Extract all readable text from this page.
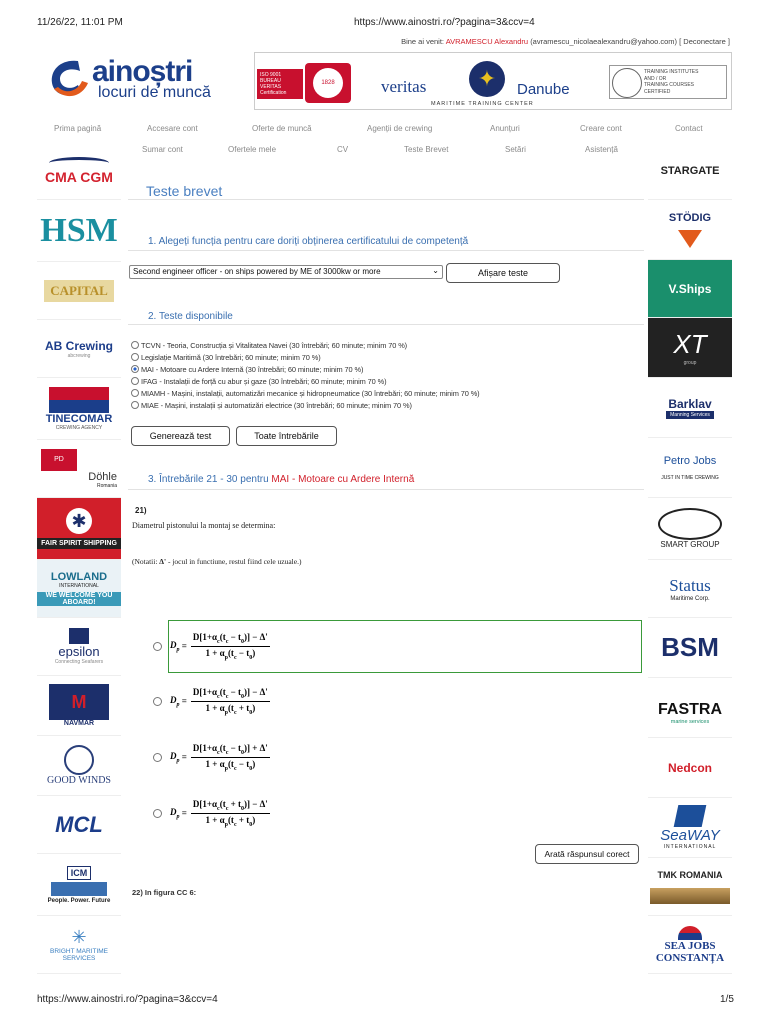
11/26/22, 11:01 PM	https://www.ainostri.ro/?pagina=3&ccv=4
Bine ai venit: AVRAMESCU Alexandru (avramescu_nicolaealexandru@yahoo.com) [ Deconectare ]
ainoștri
locuri de muncă
ISO 9001
BUREAU VERITAS
Certification
1828	veritas ✦ Danube
MARITIME TRAINING CENTER
TRAINING INSTITUTES
AND / OR
TRAINING COURSES
CERTIFIED
Prima pagină	Accesare cont	Oferte de muncă	Agenții de crewing	Anunțuri	Creare cont	Contact
Sumar cont	Ofertele mele	CV	Teste Brevet	Setări	Asistență
CMA CGM
HSM
CAPITAL
AB Crewing
abcrewing
TINECOMAR
CREWING AGENCY
PD
Döhle
Romania
✱
FAIR SPIRIT SHIPPING
LOWLAND
INTERNATIONAL
WE WELCOME YOU ABOARD!
epsilon
Connecting Seafarers
M
NAVMAR
GOOD WINDS
MCL
ICM
People. Power. Future
✳
BRIGHT MARITIME SERVICES
STARGATE
STÖDIG
V.Ships
XT
group
Barklav
Manning Services
Petro Jobs
JUST IN TIME CREWING
SMART GROUP
Status
Maritime Corp.
BSM
FASTRA
marine services
Nedcon
SeaWAY
INTERNATIONAL
TMK ROMANIA
SEA JOBS CONSTANȚA
Teste brevet
1. Alegeți funcția pentru care doriți obținerea certificatului de competență
Second engineer officer - on ships powered by ME of 3000kw or more	⌄	Afișare teste
2. Teste disponibile
TCVN - Teoria, Construcția și Vitalitatea Navei (30 întrebări; 60 minute; minim 70 %)
Legislație Maritimă (30 întrebări; 60 minute; minim 70 %)
MAI - Motoare cu Ardere Internă (30 întrebări; 60 minute; minim 70 %)
IFAG - Instalații de forță cu abur și gaze (30 întrebări; 60 minute; minim 70 %)
MIAMH - Mașini, instalații, automatizări mecanice și hidropneumatice (30 întrebări; 60 minute; minim 70 %)
MIAE - Mașini, instalații și automatizări electrice (30 întrebări; 60 minute; minim 70 %)
Generează test	Toate întrebările
3. Întrebările 21 - 30 pentru MAI - Motoare cu Ardere Internă
21)
Diametrul pistonului la montaj se determina:
(Notatii: Δ' - jocul in functiune, restul fiind cele uzuale.)
$D_p = \frac{D[1+\alpha_c(t_c - t_0)] - \Delta'}{1 + \alpha_p(t_c - t_0)}$
$D_p = \frac{D[1+\alpha_c(t_c - t_0)] - \Delta'}{1 + \alpha_p(t_c + t_0)}$
$D_p = \frac{D[1+\alpha_c(t_c - t_0)] + \Delta'}{1 + \alpha_p(t_c - t_0)}$
$D_p = \frac{D[1+\alpha_c(t_c + t_0)] - \Delta'}{1 + \alpha_p(t_c + t_0)}$
Arată răspunsul corect
22) In figura CC 6:
https://www.ainostri.ro/?pagina=3&ccv=4	1/5
